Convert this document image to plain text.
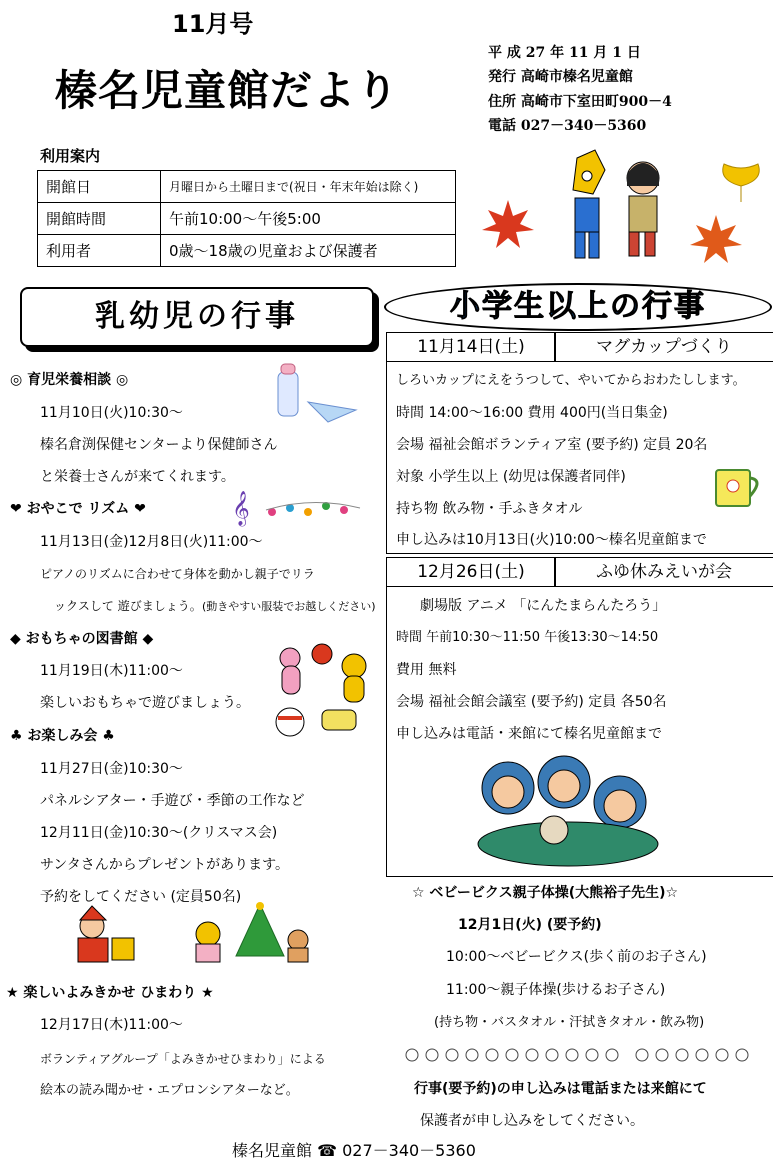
11月号
榛名児童館だより
平 成 27 年 11 月 1 日
発行 高崎市榛名児童館
住所 高崎市下室田町900－4
電話 027－340－5360
利用案内
開館日	月曜日から土曜日まで(祝日・年末年始は除く)
開館時間	午前10:00～午後5:00
利用者	0歳～18歳の児童および保護者
乳幼児の行事
◎ 育児栄養相談 ◎
11月10日(火)10:30～
榛名倉渕保健センターより保健師さん
と栄養士さんが来てくれます。
❤ おやこで リズム ❤
11月13日(金)12月8日(火)11:00～
ピアノのリズムに合わせて身体を動かし親子でリラ
ックスして 遊びましょう。 (動きやすい服装でお越しください)
◆ おもちゃの図書館 ◆
11月19日(木)11:00～
楽しいおもちゃで遊びましょう。
♣ お楽しみ会 ♣
11月27日(金)10:30～
パネルシアター・手遊び・季節の工作など
12月11日(金)10:30～(クリスマス会)
サンタさんからプレゼントがあります。
予約をしてください (定員50名)
★ 楽しいよみきかせ ひまわり ★
12月17日(木)11:00～
ボランティアグループ「よみきかせひまわり」による
絵本の読み聞かせ・エプロンシアターなど。
𝄞
小学生以上の行事
11月14日(土)	マグカップづくり
しろいカップにえをうつして、やいてからおわたしします。
時間 14:00～16:00 費用 400円(当日集金)
会場 福祉会館ボランティア室 (要予約) 定員 20名
対象 小学生以上 (幼児は保護者同伴)
持ち物 飲み物・手ふきタオル
申し込みは10月13日(火)10:00～榛名児童館まで
12月26日(土)	ふゆ休みえいが会
劇場版 アニメ 「にんたまらんたろう」
時間 午前10:30～11:50 午後13:30～14:50
費用 無料
会場 福祉会館会議室 (要予約) 定員 各50名
申し込みは電話・来館にて榛名児童館まで
☆ ベビービクス親子体操(大熊裕子先生)☆
12月1日(火) (要予約)
10:00～ベビービクス(歩く前のお子さん)
11:00～親子体操(歩けるお子さん)
(持ち物・バスタオル・汗拭きタオル・飲み物)
行事(要予約)の申し込みは電話または来館にて
保護者が申し込みをしてください。
榛名児童館 ☎ 027－340－5360
